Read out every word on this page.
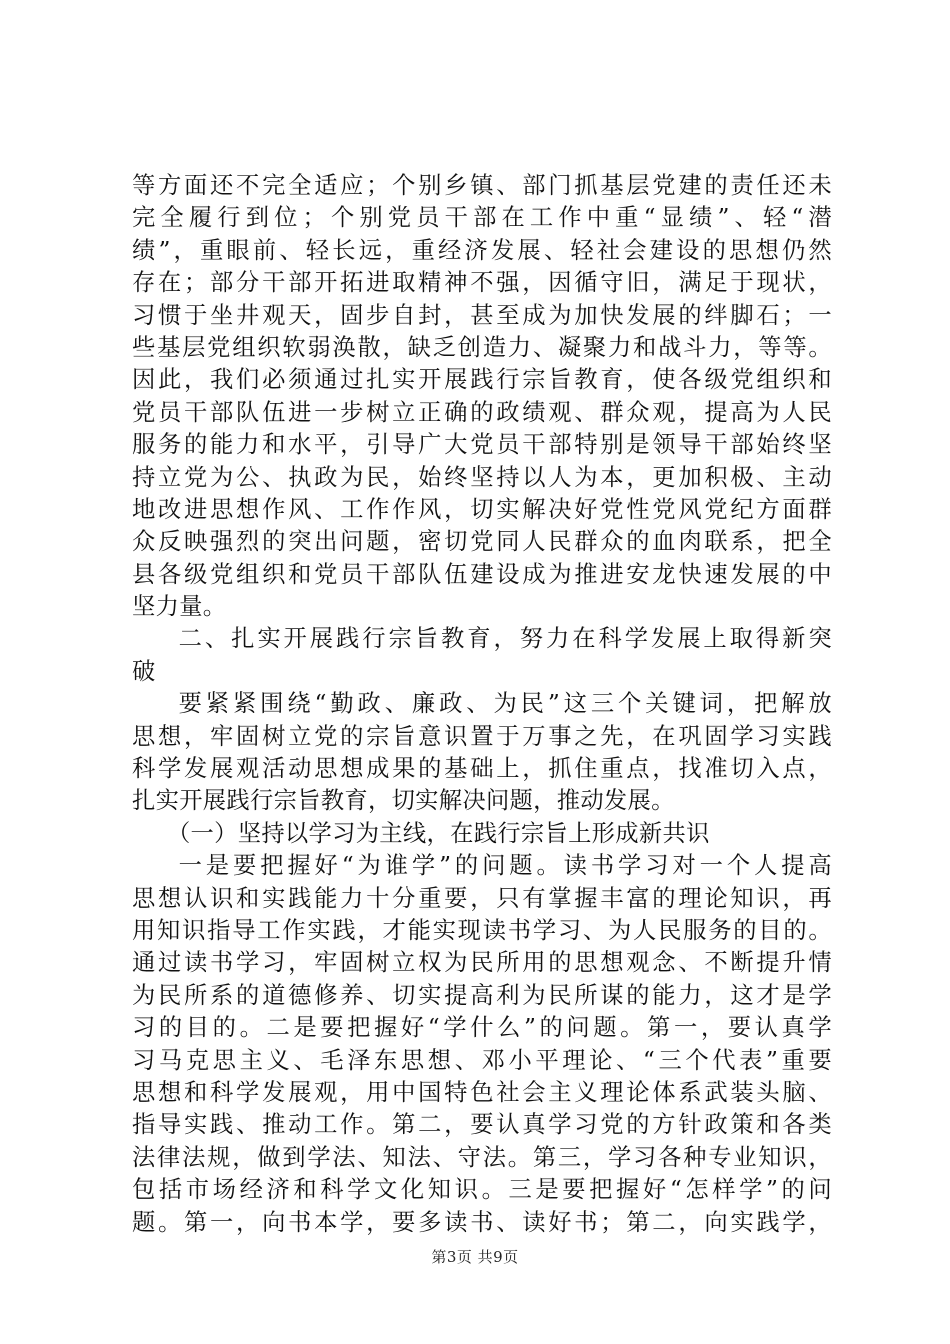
等方面还不完全适应；个别乡镇、部门抓基层党建的责任还未
完全履行到位；个别党员干部在工作中重“显绩”、轻“潜
绩”，重眼前、轻长远，重经济发展、轻社会建设的思想仍然
存在；部分干部开拓进取精神不强，因循守旧，满足于现状，
习惯于坐井观天，固步自封，甚至成为加快发展的绊脚石；一
些基层党组织软弱涣散，缺乏创造力、凝聚力和战斗力，等等。
因此，我们必须通过扎实开展践行宗旨教育，使各级党组织和
党员干部队伍进一步树立正确的政绩观、群众观，提高为人民
服务的能力和水平，引导广大党员干部特别是领导干部始终坚
持立党为公、执政为民，始终坚持以人为本，更加积极、主动
地改进思想作风、工作作风，切实解决好党性党风党纪方面群
众反映强烈的突出问题，密切党同人民群众的血肉联系，把全
县各级党组织和党员干部队伍建设成为推进安龙快速发展的中
坚力量。
二、扎实开展践行宗旨教育，努力在科学发展上取得新突
破
要紧紧围绕“勤政、廉政、为民”这三个关键词，把解放
思想，牢固树立党的宗旨意识置于万事之先，在巩固学习实践
科学发展观活动思想成果的基础上，抓住重点，找准切入点，
扎实开展践行宗旨教育，切实解决问题，推动发展。
（一）坚持以学习为主线，在践行宗旨上形成新共识
一是要把握好“为谁学”的问题。读书学习对一个人提高
思想认识和实践能力十分重要，只有掌握丰富的理论知识，再
用知识指导工作实践，才能实现读书学习、为人民服务的目的。
通过读书学习，牢固树立权为民所用的思想观念、不断提升情
为民所系的道德修养、切实提高利为民所谋的能力，这才是学
习的目的。二是要把握好“学什么”的问题。第一，要认真学
习马克思主义、毛泽东思想、邓小平理论、“三个代表”重要
思想和科学发展观，用中国特色社会主义理论体系武装头脑、
指导实践、推动工作。第二，要认真学习党的方针政策和各类
法律法规，做到学法、知法、守法。第三，学习各种专业知识，
包括市场经济和科学文化知识。三是要把握好“怎样学”的问
题。第一，向书本学，要多读书、读好书；第二，向实践学，
第3页 共9页
